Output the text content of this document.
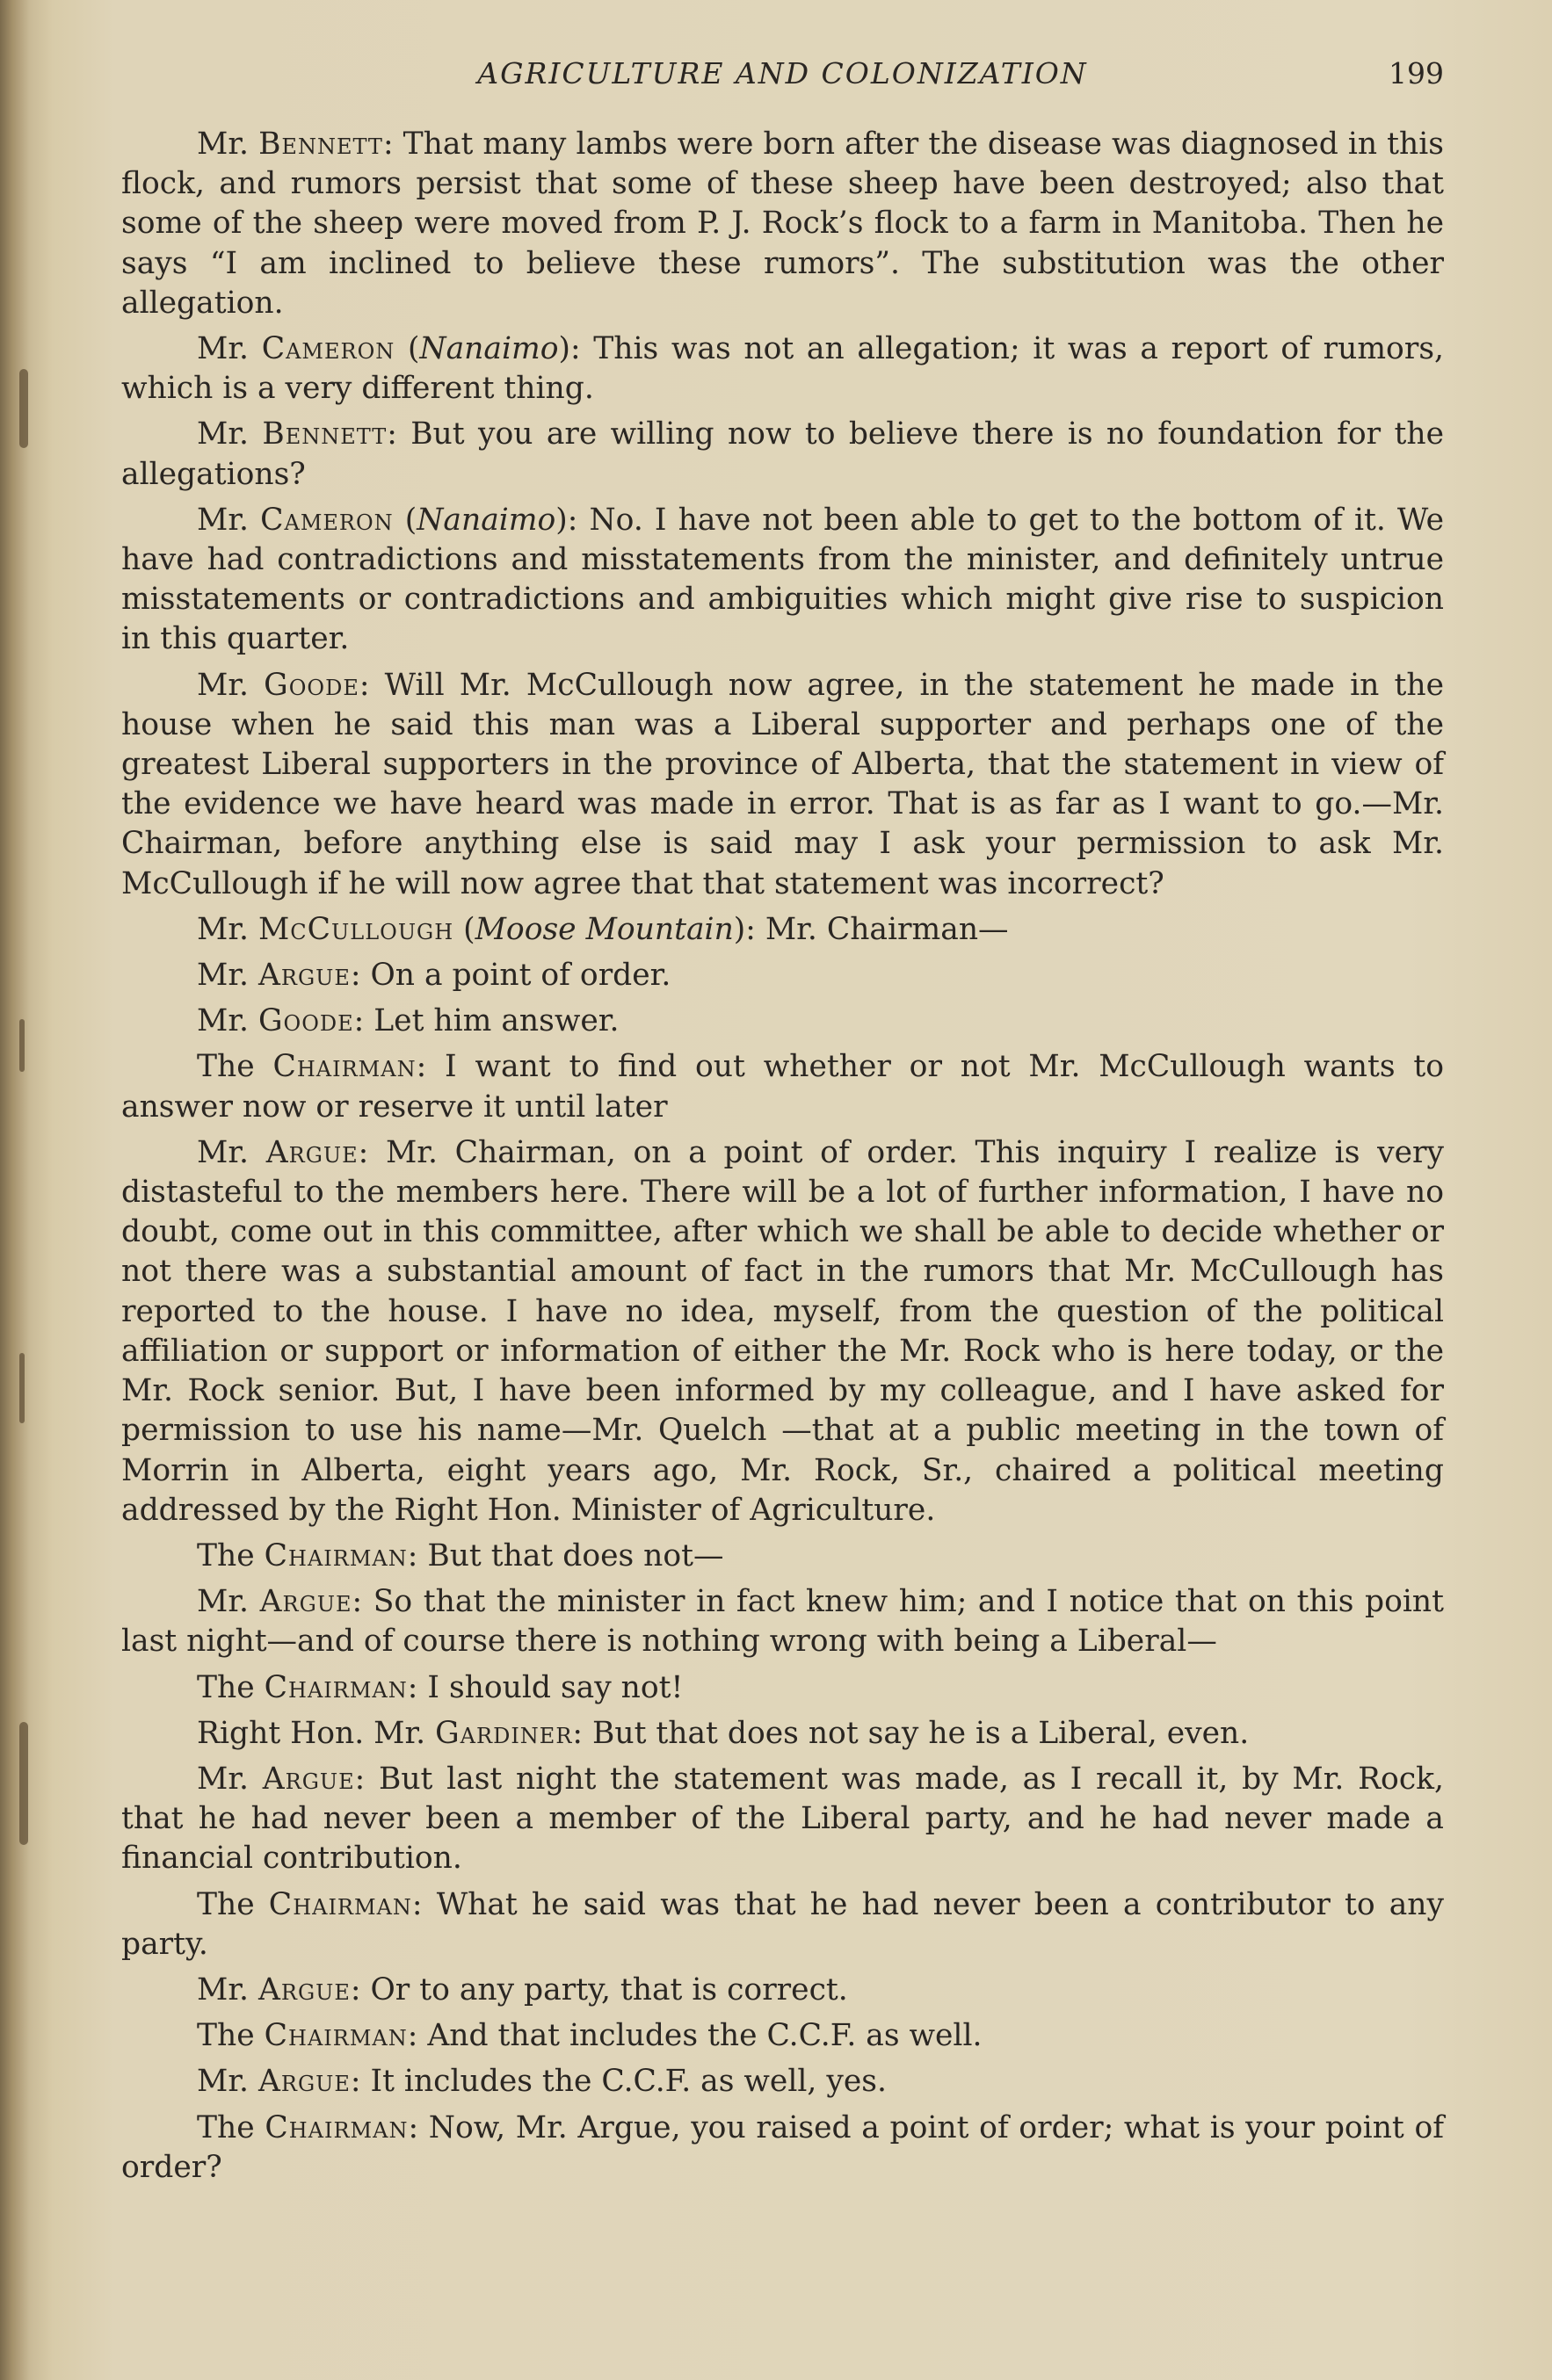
AGRICULTURE AND COLONIZATION	199

Mr. Bennett: That many lambs were born after the disease was diagnosed in this flock, and rumors persist that some of these sheep have been destroyed; also that some of the sheep were moved from P. J. Rock’s flock to a farm in Manitoba. Then he says “I am inclined to believe these rumors”. The substitution was the other allegation.

Mr. Cameron (Nanaimo): This was not an allegation; it was a report of rumors, which is a very different thing.

Mr. Bennett: But you are willing now to believe there is no foundation for the allegations?

Mr. Cameron (Nanaimo): No. I have not been able to get to the bottom of it. We have had contradictions and misstatements from the minister, and definitely untrue misstatements or contradictions and ambiguities which might give rise to suspicion in this quarter.

Mr. Goode: Will Mr. McCullough now agree, in the statement he made in the house when he said this man was a Liberal supporter and perhaps one of the greatest Liberal supporters in the province of Alberta, that the statement in view of the evidence we have heard was made in error. That is as far as I want to go.—Mr. Chairman, before anything else is said may I ask your permission to ask Mr. McCullough if he will now agree that that statement was incorrect?

Mr. McCullough (Moose Mountain): Mr. Chairman—

Mr. Argue: On a point of order.

Mr. Goode: Let him answer.

The Chairman: I want to find out whether or not Mr. McCullough wants to answer now or reserve it until later

Mr. Argue: Mr. Chairman, on a point of order. This inquiry I realize is very distasteful to the members here. There will be a lot of further information, I have no doubt, come out in this committee, after which we shall be able to decide whether or not there was a substantial amount of fact in the rumors that Mr. McCullough has reported to the house. I have no idea, myself, from the question of the political affiliation or support or information of either the Mr. Rock who is here today, or the Mr. Rock senior. But, I have been informed by my colleague, and I have asked for permission to use his name—Mr. Quelch —that at a public meeting in the town of Morrin in Alberta, eight years ago, Mr. Rock, Sr., chaired a political meeting addressed by the Right Hon. Minister of Agriculture.

The Chairman: But that does not—

Mr. Argue: So that the minister in fact knew him; and I notice that on this point last night—and of course there is nothing wrong with being a Liberal—

The Chairman: I should say not!

Right Hon. Mr. Gardiner: But that does not say he is a Liberal, even.

Mr. Argue: But last night the statement was made, as I recall it, by Mr. Rock, that he had never been a member of the Liberal party, and he had never made a financial contribution.

The Chairman: What he said was that he had never been a contributor to any party.

Mr. Argue: Or to any party, that is correct.

The Chairman: And that includes the C.C.F. as well.

Mr. Argue: It includes the C.C.F. as well, yes.

The Chairman: Now, Mr. Argue, you raised a point of order; what is your point of order?
